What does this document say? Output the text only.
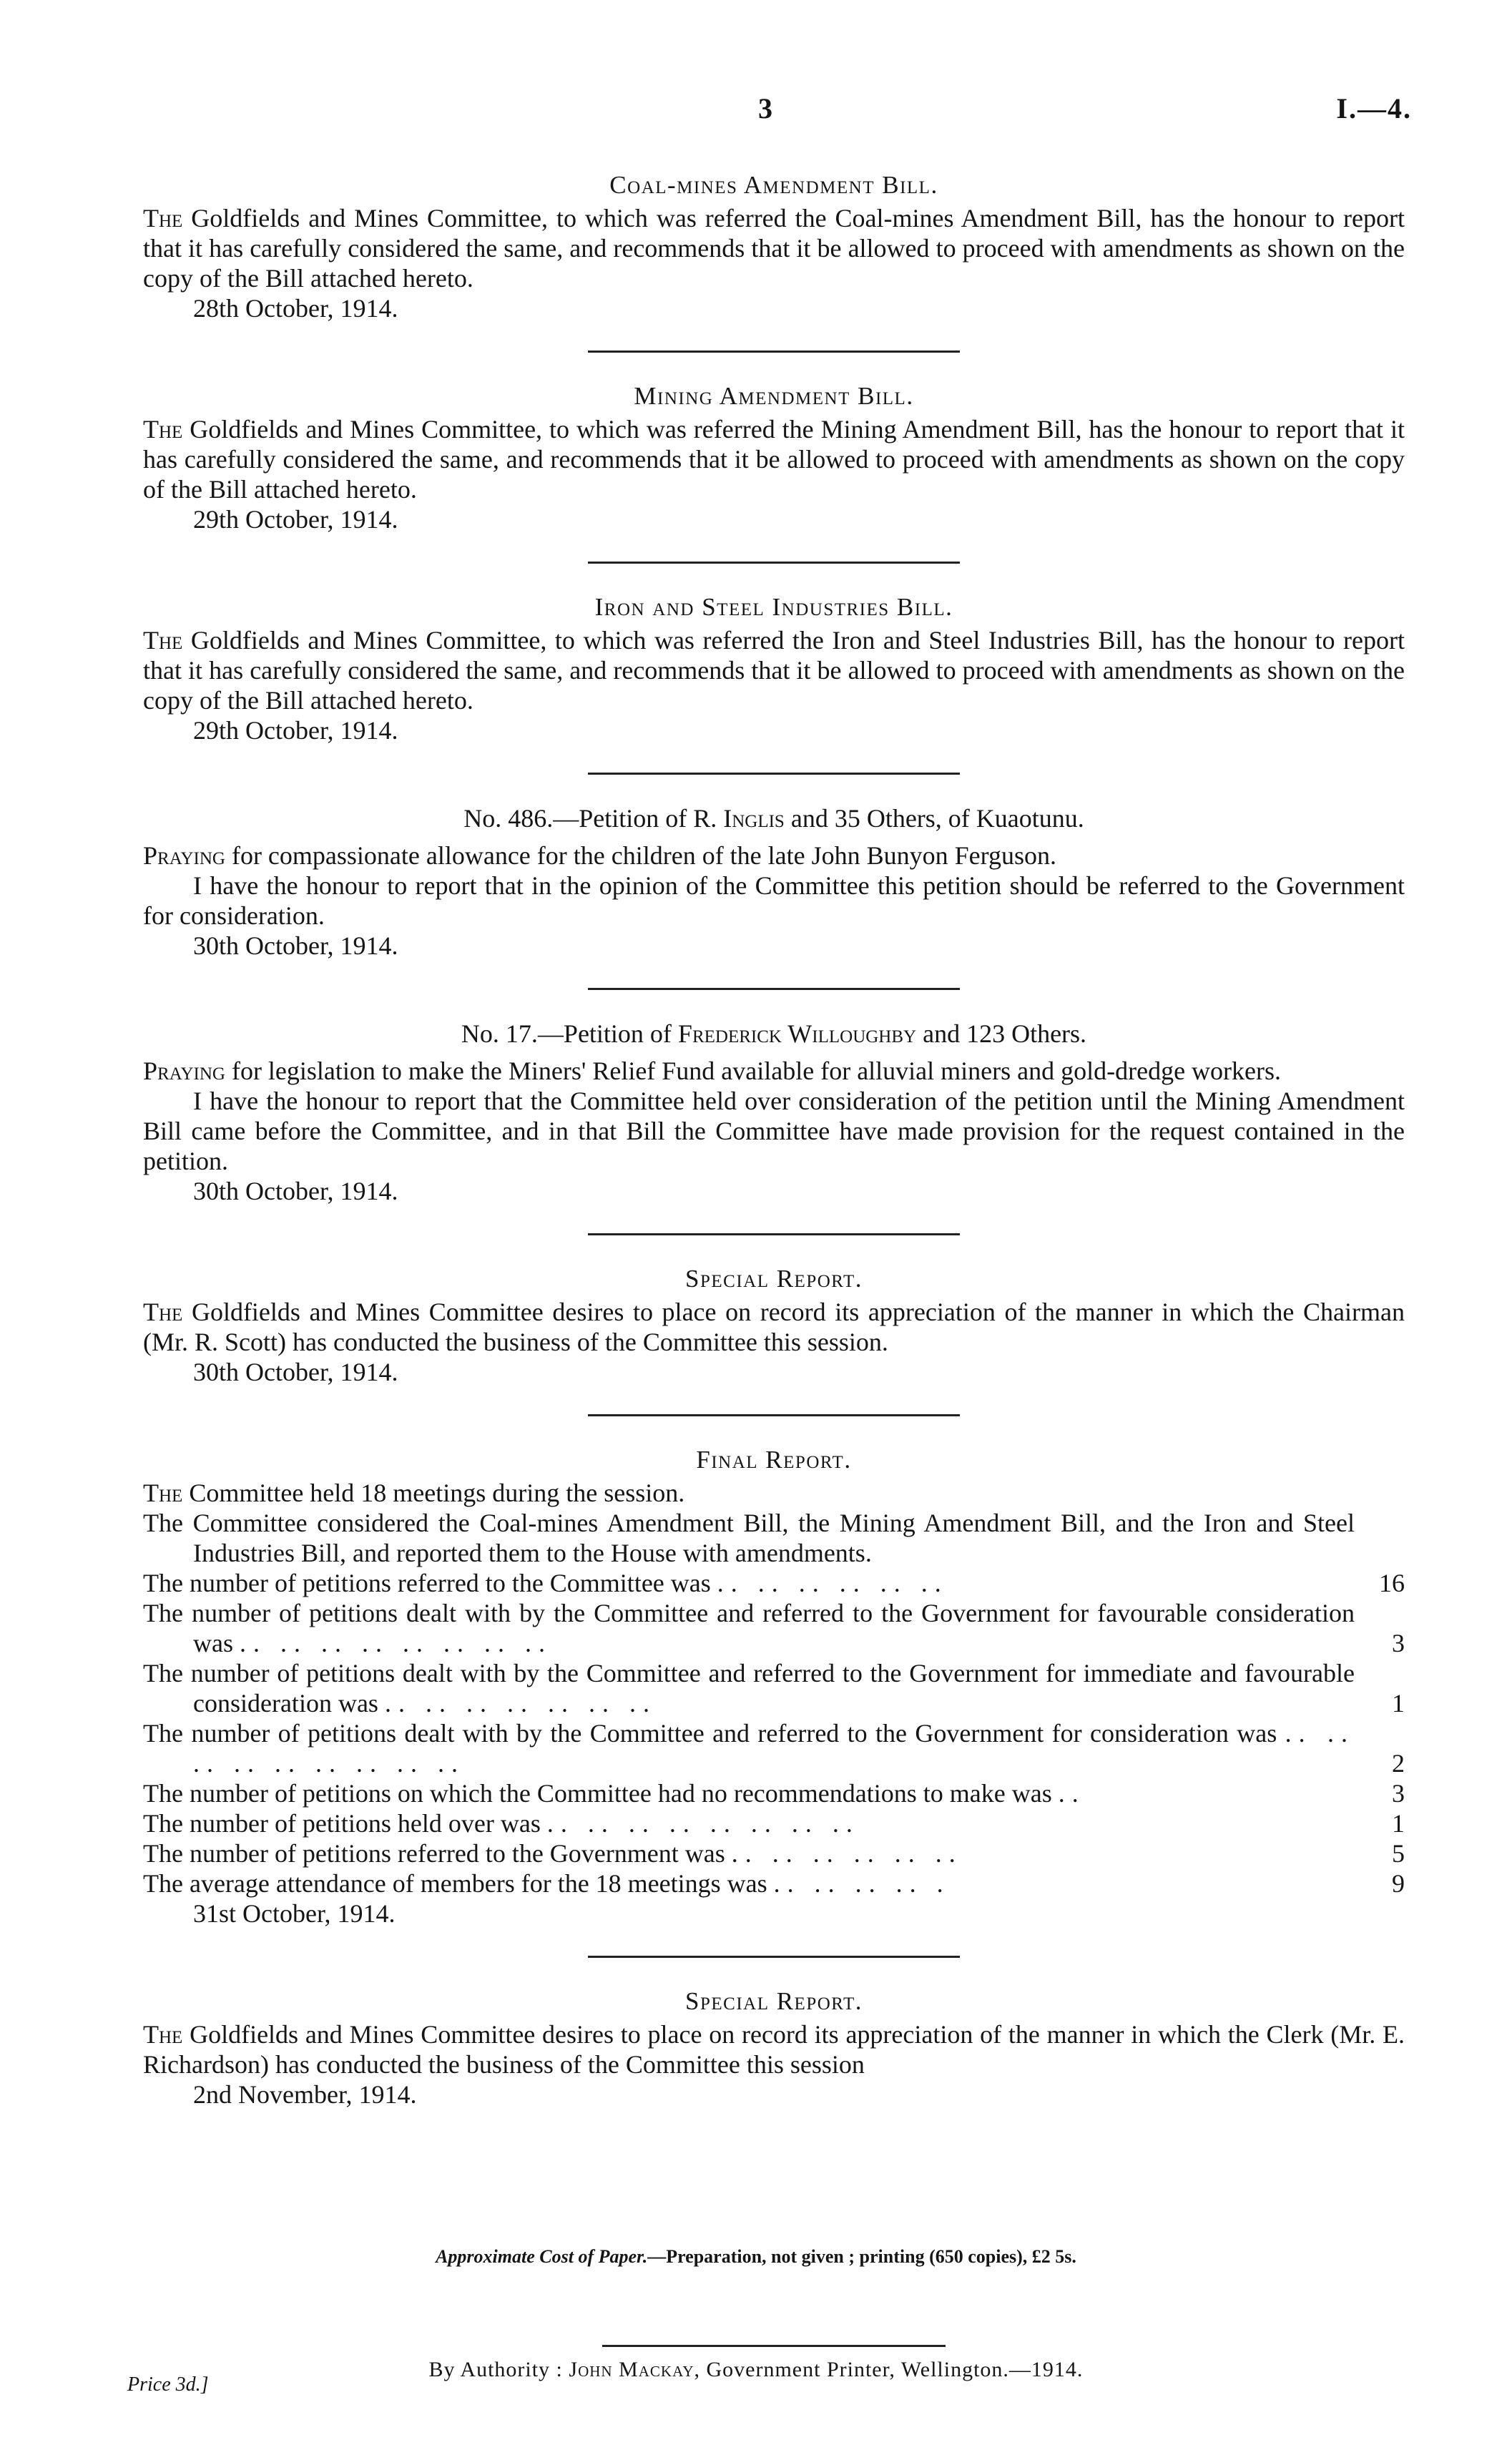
3	I.—4.

Coal-mines Amendment Bill.

The Goldfields and Mines Committee, to which was referred the Coal-mines Amendment Bill, has the honour to report that it has carefully considered the same, and recommends that it be allowed to proceed with amendments as shown on the copy of the Bill attached hereto.

28th October, 1914.

Mining Amendment Bill.

The Goldfields and Mines Committee, to which was referred the Mining Amendment Bill, has the honour to report that it has carefully considered the same, and recommends that it be allowed to proceed with amendments as shown on the copy of the Bill attached hereto.

29th October, 1914.

Iron and Steel Industries Bill.

The Goldfields and Mines Committee, to which was referred the Iron and Steel Industries Bill, has the honour to report that it has carefully considered the same, and recommends that it be allowed to proceed with amendments as shown on the copy of the Bill attached hereto.

29th October, 1914.

No. 486.—Petition of R. Inglis and 35 Others, of Kuaotunu.

Praying for compassionate allowance for the children of the late John Bunyon Ferguson.

I have the honour to report that in the opinion of the Committee this petition should be referred to the Government for consideration.

30th October, 1914.

No. 17.—Petition of Frederick Willoughby and 123 Others.

Praying for legislation to make the Miners' Relief Fund available for alluvial miners and gold-dredge workers.

I have the honour to report that the Committee held over consideration of the petition until the Mining Amendment Bill came before the Committee, and in that Bill the Committee have made provision for the request contained in the petition.

30th October, 1914.

Special Report.

The Goldfields and Mines Committee desires to place on record its appreciation of the manner in which the Chairman (Mr. R. Scott) has conducted the business of the Committee this session.

30th October, 1914.

Final Report.

The Committee held 18 meetings during the session.

The Committee considered the Coal-mines Amendment Bill, the Mining Amendment Bill, and the Iron and Steel Industries Bill, and reported them to the House with amendments.
The number of petitions referred to the Committee was .. .. .. .. .. ..	16
The number of petitions dealt with by the Committee and referred to the Government for favourable consideration was .. .. .. .. .. .. .. ..	3
The number of petitions dealt with by the Committee and referred to the Government for immediate and favourable consideration was .. .. .. .. .. .. ..	1
The number of petitions dealt with by the Committee and referred to the Government for consideration was .. .. .. .. .. .. .. .. ..	2
The number of petitions on which the Committee had no recommendations to make was ..	3
The number of petitions held over was .. .. .. .. .. .. .. ..	1
The number of petitions referred to the Government was .. .. .. .. .. ..	5
The average attendance of members for the 18 meetings was .. .. .. .. .	9

31st October, 1914.

Special Report.

The Goldfields and Mines Committee desires to place on record its appreciation of the manner in which the Clerk (Mr. E. Richardson) has conducted the business of the Committee this session

2nd November, 1914.

Approximate Cost of Paper.—Preparation, not given ; printing (650 copies), £2 5s.
By Authority : John Mackay, Government Printer, Wellington.—1914.
Price 3d.]
